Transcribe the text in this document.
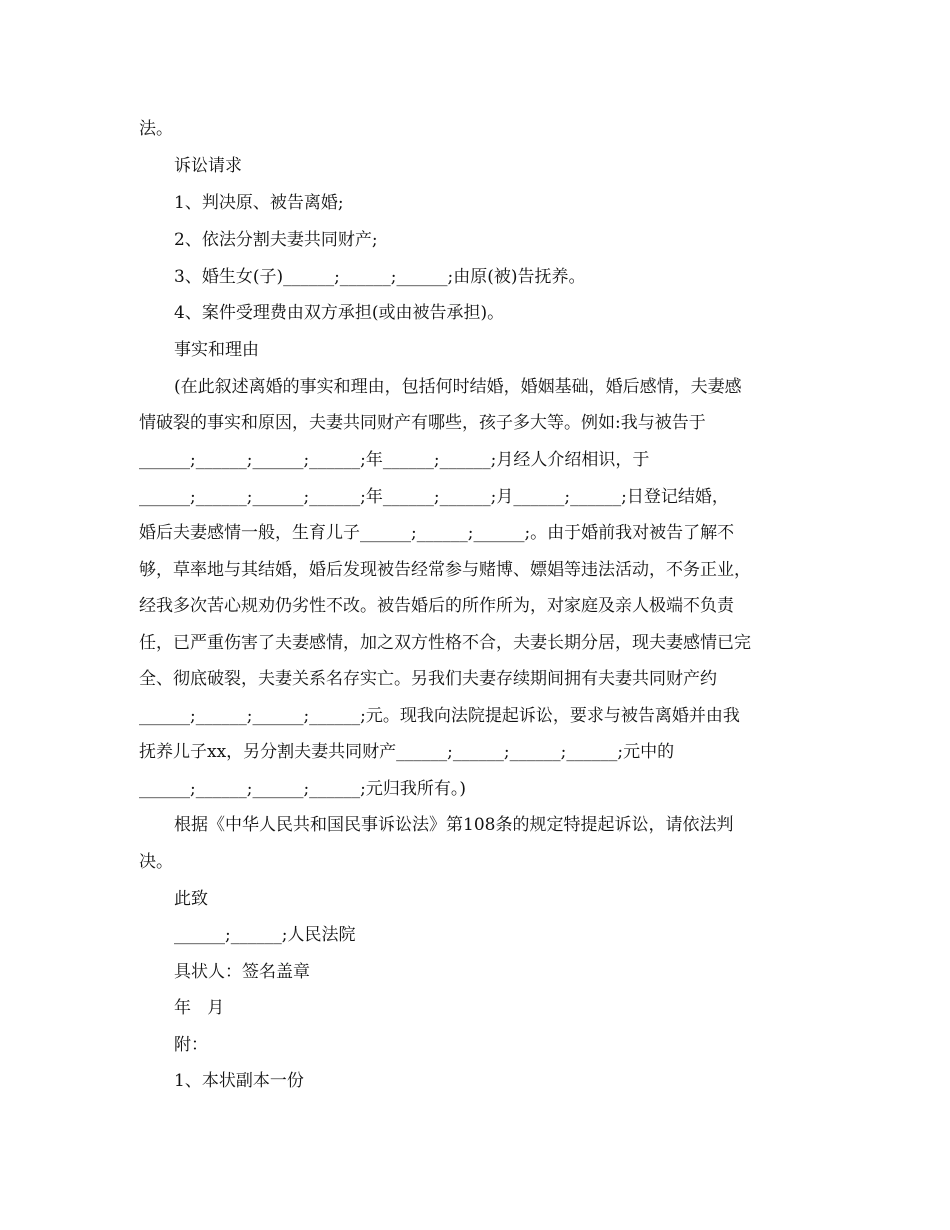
法。
诉讼请求
1、判决原、被告离婚;
2、依法分割夫妻共同财产;
3、婚生女(子)______;______;______;由原(被)告抚养。
4、案件受理费由双方承担(或由被告承担)。
事实和理由
(在此叙述离婚的事实和理由，包括何时结婚，婚姻基础，婚后感情，夫妻感
情破裂的事实和原因，夫妻共同财产有哪些，孩子多大等。例如:我与被告于
______;______;______;______;年______;______;月经人介绍相识，于
______;______;______;______;年______;______;月______;______;日登记结婚，
婚后夫妻感情一般，生育儿子______;______;______;。由于婚前我对被告了解不
够，草率地与其结婚，婚后发现被告经常参与赌博、嫖娼等违法活动，不务正业，
经我多次苦心规劝仍劣性不改。被告婚后的所作所为，对家庭及亲人极端不负责
任，已严重伤害了夫妻感情，加之双方性格不合，夫妻长期分居，现夫妻感情已完
全、彻底破裂，夫妻关系名存实亡。另我们夫妻存续期间拥有夫妻共同财产约
______;______;______;______;元。现我向法院提起诉讼，要求与被告离婚并由我
抚养儿子xx，另分割夫妻共同财产______;______;______;______;元中的
______;______;______;______;元归我所有。)
根据《中华人民共和国民事诉讼法》第108条的规定特提起诉讼，请依法判
决。
此致
______;______;人民法院
具状人：签名盖章
年   月
附：
1、本状副本一份
